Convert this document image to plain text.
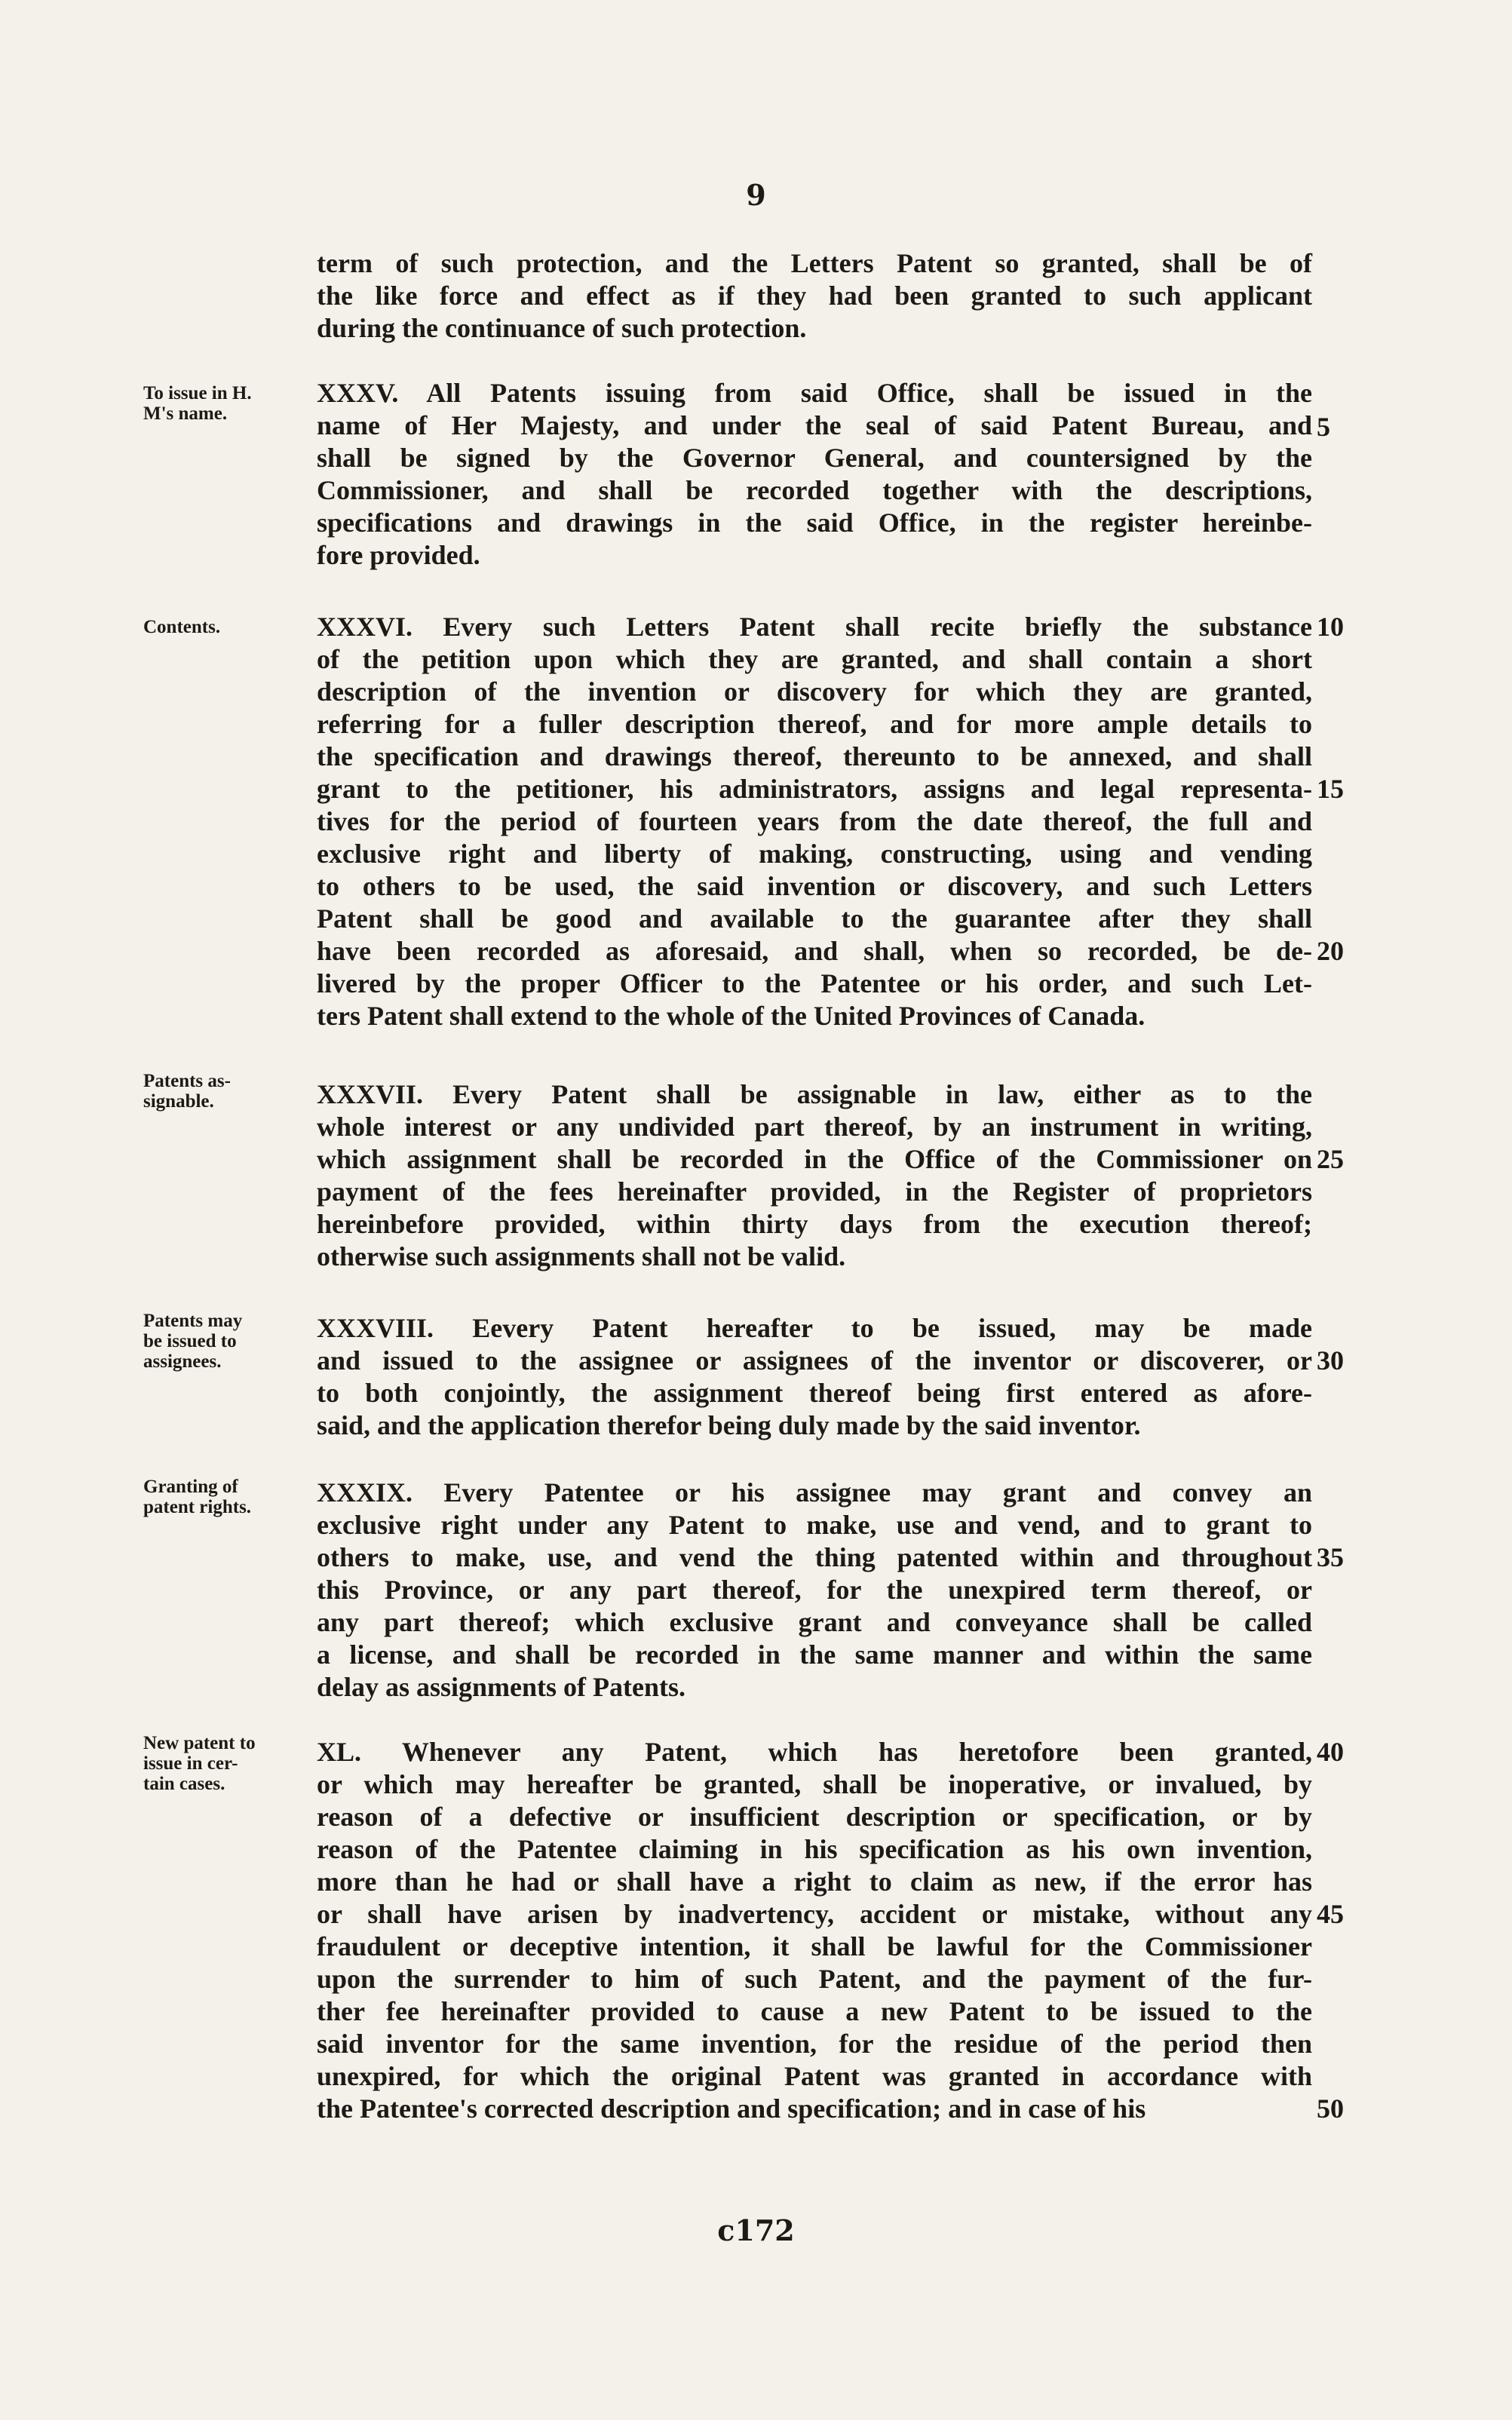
9
term of such protection, and the Letters Patent so granted, shall be of
the like force and effect as if they had been granted to such applicant
during the continuance of such protection.
To issue in H.
M's name.
XXXV. All Patents issuing from said Office, shall be issued in the
name of Her Majesty, and under the seal of said Patent Bureau, and
shall be signed by the Governor General, and countersigned by the
Commissioner, and shall be recorded together with the descriptions,
specifications and drawings in the said Office, in the register hereinbe-
fore provided.
Contents.	XXXVI. Every such Letters Patent shall recite briefly the substance
of the petition upon which they are granted, and shall contain a short
description of the invention or discovery for which they are granted,
referring for a fuller description thereof, and for more ample details to
the specification and drawings thereof, thereunto to be annexed, and shall
grant to the petitioner, his administrators, assigns and legal representa-
tives for the period of fourteen years from the date thereof, the full and
exclusive right and liberty of making, constructing, using and vending
to others to be used, the said invention or discovery, and such Letters
Patent shall be good and available to the guarantee after they shall
have been recorded as aforesaid, and shall, when so recorded, be de-
livered by the proper Officer to the Patentee or his order, and such Let-
ters Patent shall extend to the whole of the United Provinces of Canada.
Patents as-
signable.	XXXVII. Every Patent shall be assignable in law, either as to the
whole interest or any undivided part thereof, by an instrument in writing,
which assignment shall be recorded in the Office of the Commissioner on
payment of the fees hereinafter provided, in the Register of proprietors
hereinbefore provided, within thirty days from the execution thereof;
otherwise such assignments shall not be valid.
Patents may
be issued to
assignees.
XXXVIII. Eevery Patent hereafter to be issued, may be made
and issued to the assignee or assignees of the inventor or discoverer, or
to both conjointly, the assignment thereof being first entered as afore-
said, and the application therefor being duly made by the said inventor.
Granting of
patent rights.	XXXIX. Every Patentee or his assignee may grant and convey an
exclusive right under any Patent to make, use and vend, and to grant to
others to make, use, and vend the thing patented within and throughout
this Province, or any part thereof, for the unexpired term thereof, or
any part thereof; which exclusive grant and conveyance shall be called
a license, and shall be recorded in the same manner and within the same
delay as assignments of Patents.
New patent to
issue in cer-
tain cases.
XL. Whenever any Patent, which has heretofore been granted,
or which may hereafter be granted, shall be inoperative, or invalued, by
reason of a defective or insufficient description or specification, or by
reason of the Patentee claiming in his specification as his own invention,
more than he had or shall have a right to claim as new, if the error has
or shall have arisen by inadvertency, accident or mistake, without any
fraudulent or deceptive intention, it shall be lawful for the Commissioner
upon the surrender to him of such Patent, and the payment of the fur-
ther fee hereinafter provided to cause a new Patent to be issued to the
said inventor for the same invention, for the residue of the period then
unexpired, for which the original Patent was granted in accordance with
the Patentee's corrected description and specification; and in case of his
5
10
15
20
25
30
35
40
45
50
c172
